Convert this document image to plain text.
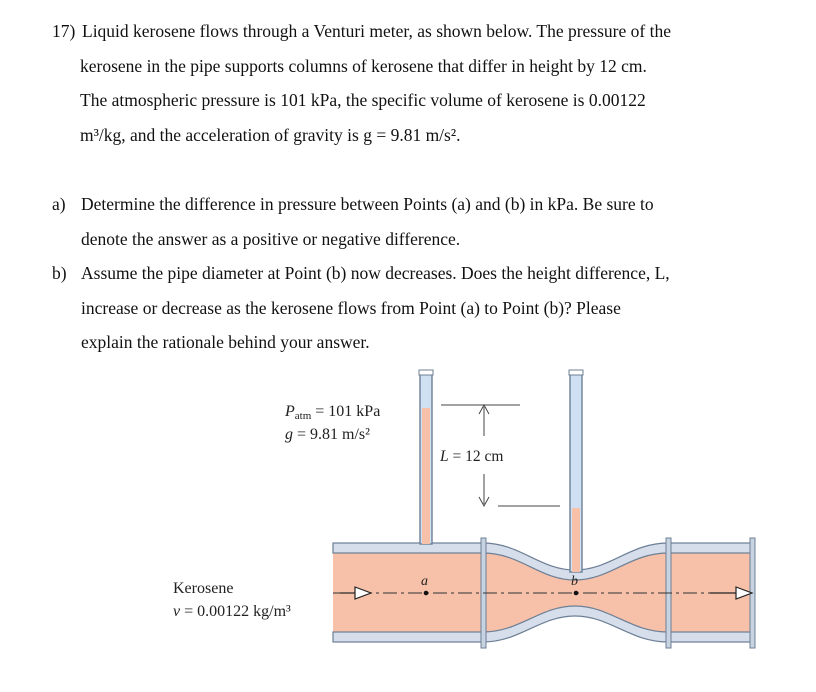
17) Liquid kerosene flows through a Venturi meter, as shown below. The pressure of the
kerosene in the pipe supports columns of kerosene that differ in height by 12 cm.
The atmospheric pressure is 101 kPa, the specific volume of kerosene is 0.00122
m³/kg, and the acceleration of gravity is g = 9.81 m/s².
a) Determine the difference in pressure between Points (a) and (b) in kPa. Be sure to
denote the answer as a positive or negative difference.
b) Assume the pipe diameter at Point (b) now decreases. Does the height difference, L,
increase or decrease as the kerosene flows from Point (a) to Point (b)? Please
explain the rationale behind your answer.
L = 12 cm
a	b
Patm = 101 kPa
g = 9.81 m/s²
Kerosene
v = 0.00122 kg/m³
